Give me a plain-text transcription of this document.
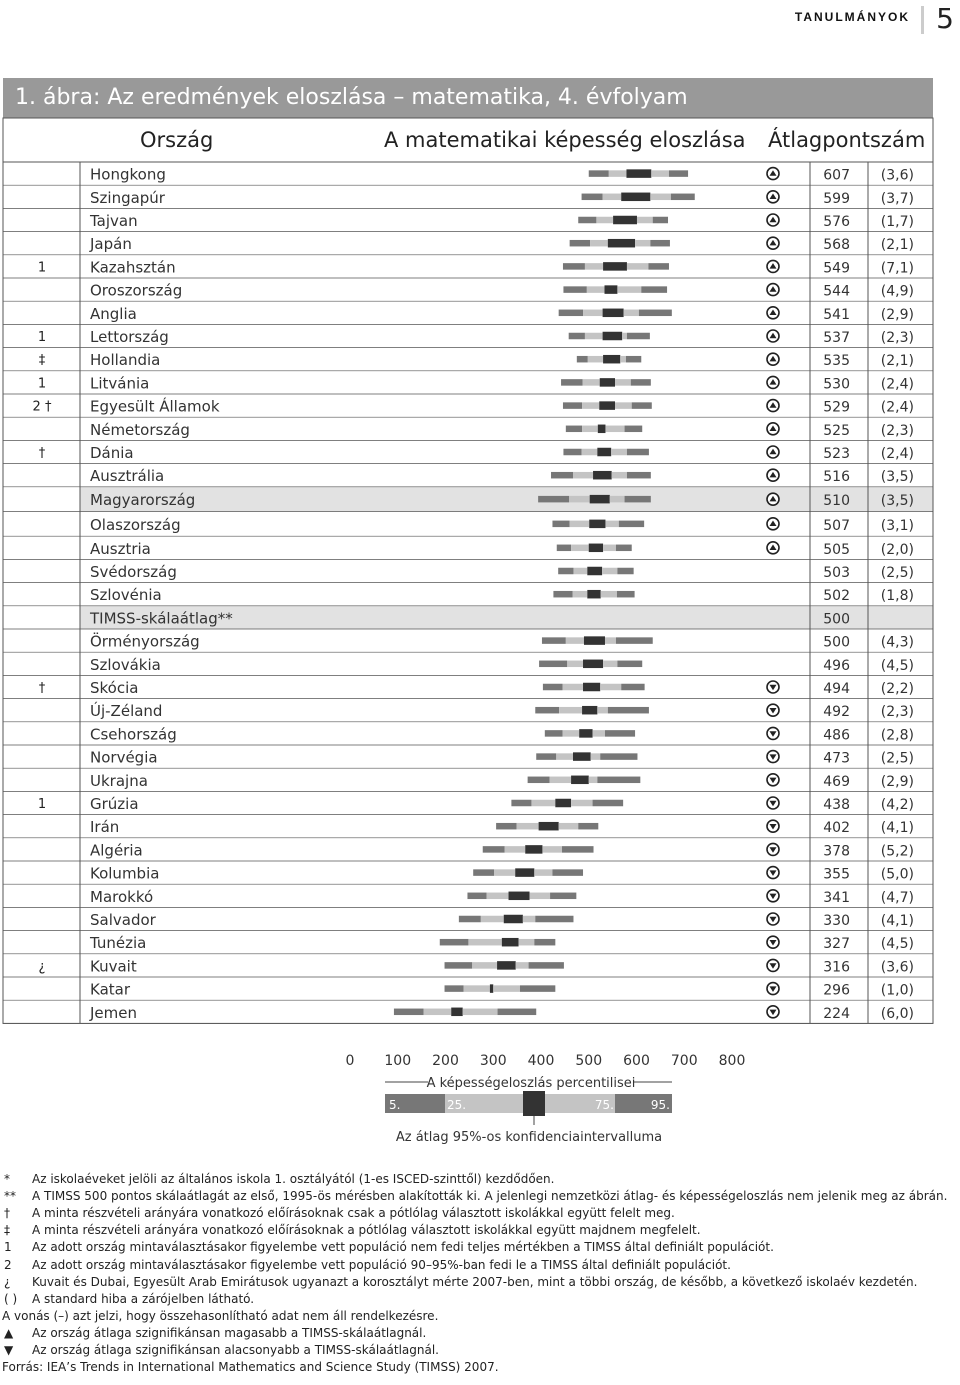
tanulmányok 5
1. ábra: Az eredmények eloszlása – matematika, 4. évfolyam
Ország	A matematikai képesség eloszlása Átlagpontszám
Hongkong	607 (3,6)
Szingapúr	599 (3,7)
Tajvan	576 (1,7)
Japán	568 (2,1)
1	Kazahsztán	549 (7,1)
Oroszország	544 (4,9)
Anglia	541 (2,9)
1	Lettország	537 (2,3)
‡	Hollandia	535 (2,1)
1	Litvánia	530 (2,4)
2 †	Egyesült Államok	529 (2,4)
Németország	525 (2,3)
†	Dánia	523 (2,4)
Ausztrália	516 (3,5)
Magyarország	510 (3,5)
Olaszország	507 (3,1)
Ausztria	505 (2,0)
Svédország	503 (2,5)
Szlovénia	502 (1,8)
TIMSS-skálaátlag**	500
Örményország	500 (4,3)
Szlovákia	496 (4,5)
†	Skócia	494 (2,2)
Új-Zéland	492 (2,3)
Csehország	486 (2,8)
Norvégia	473 (2,5)
Ukrajna	469 (2,9)
1	Grúzia	438 (4,2)
Irán	402 (4,1)
Algéria	378 (5,2)
Kolumbia	355 (5,0)
Marokkó	341 (4,7)
Salvador	330 (4,1)
Tunézia	327 (4,5)
¿	Kuvait	316 (3,6)
Katar	296 (1,0)
Jemen	224 (6,0)
0 100 200 300 400 500 600 700 800
A képességeloszlás percentilisei
5.	25.	75.	95.
Az átlag 95%-os konfidenciaintervalluma
* Az iskolaéveket jelöli az általános iskola 1. osztályától (1-es ISCED-szinttől) kezdődően.
** A TIMSS 500 pontos skálaátlagát az első, 1995-ös mérésben alakították ki. A jelenlegi nemzetközi átlag- és képességeloszlás nem jelenik meg az ábrán.
† A minta részvételi arányára vonatkozó előírásoknak csak a pótlólag választott iskolákkal együtt felelt meg.
‡ A minta részvételi arányára vonatkozó előírásoknak a pótlólag választott iskolákkal együtt majdnem megfelelt.
1 Az adott ország mintaválasztásakor figyelembe vett populáció nem fedi teljes mértékben a TIMSS által definiált populációt.
2 Az adott ország mintaválasztásakor figyelembe vett populáció 90–95%-ban fedi le a TIMSS által definiált populációt.
¿ Kuvait és Dubai, Egyesült Arab Emirátusok ugyanazt a korosztályt mérte 2007-ben, mint a többi ország, de később, a következő iskolaév kezdetén.
( ) A standard hiba a zárójelben látható.
A vonás (–) azt jelzi, hogy összehasonlítható adat nem áll rendelkezésre.
▲ Az ország átlaga szignifikánsan magasabb a TIMSS-skálaátlagnál.
▼ Az ország átlaga szignifikánsan alacsonyabb a TIMSS-skálaátlagnál.
Forrás: IEA’s Trends in International Mathematics and Science Study (TIMSS) 2007.
